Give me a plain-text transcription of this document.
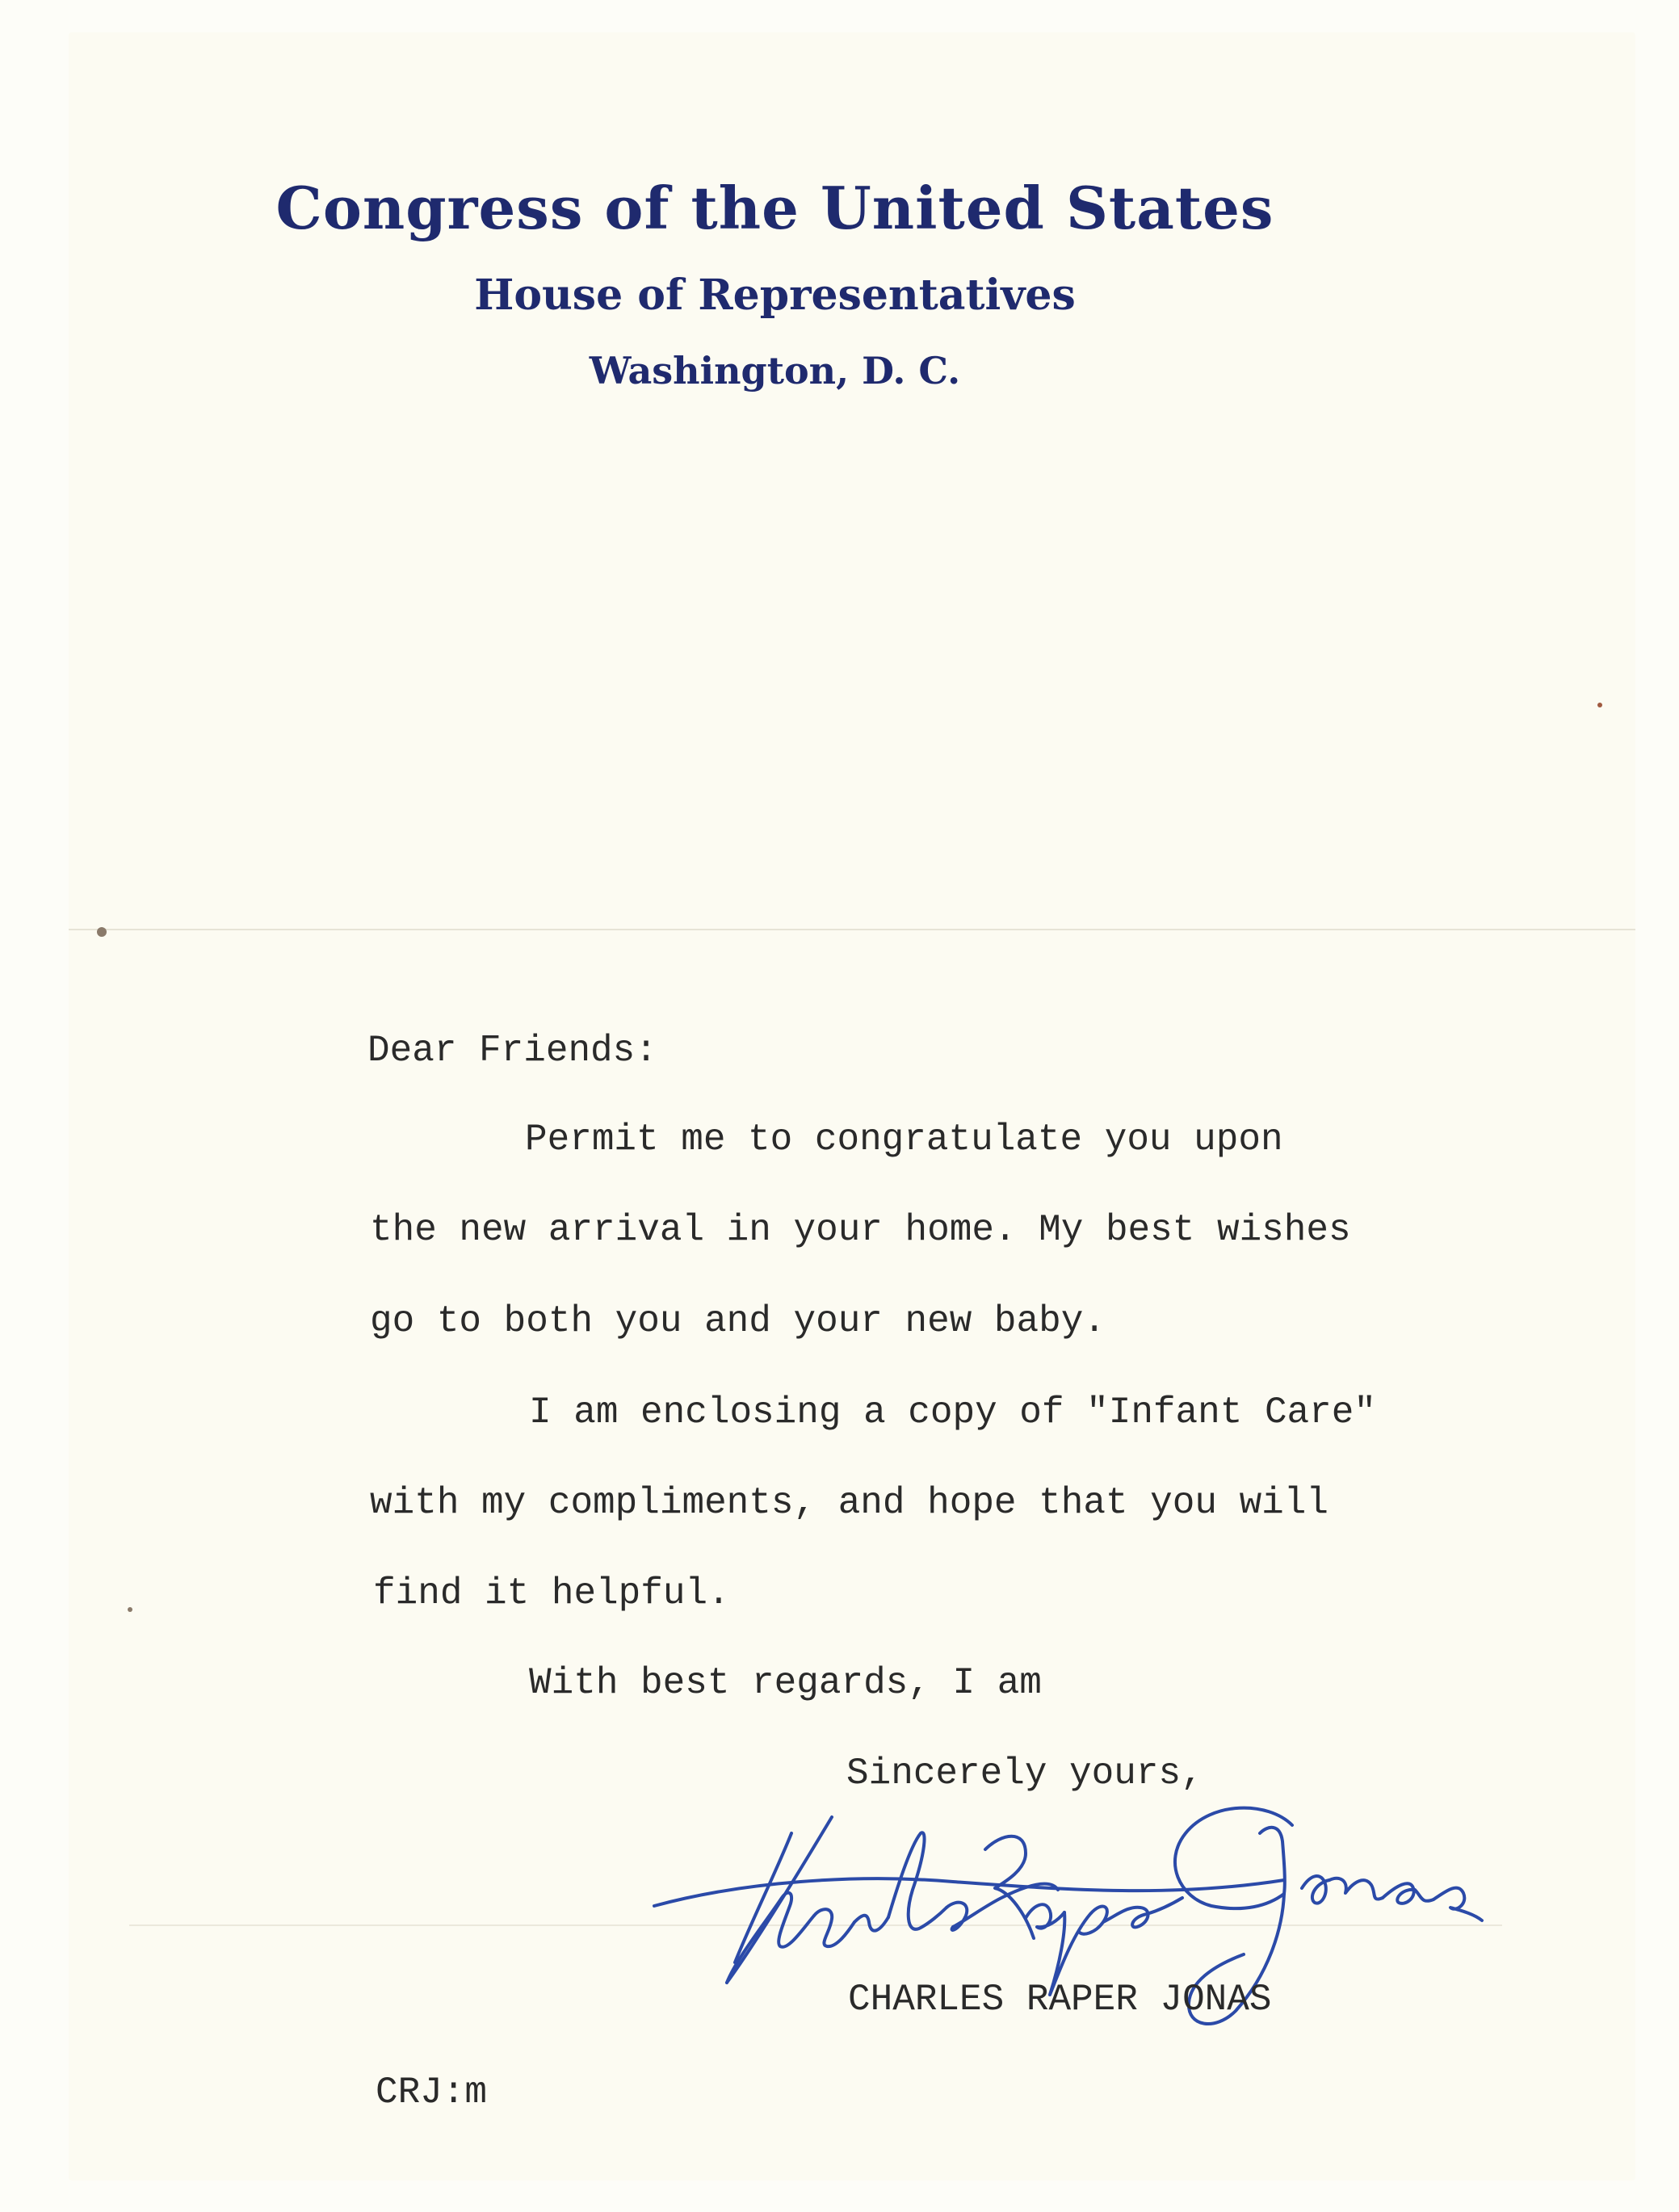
Congress of the United States
House of Representatives
Washington, D. C.
Dear Friends:
Permit me to congratulate you upon
the new arrival in your home. My best wishes
go to both you and your new baby.
I am enclosing a copy of "Infant Care"
with my compliments, and hope that you will
find it helpful.
With best regards, I am
Sincerely yours,
CHARLES RAPER JONAS
CRJ:m
